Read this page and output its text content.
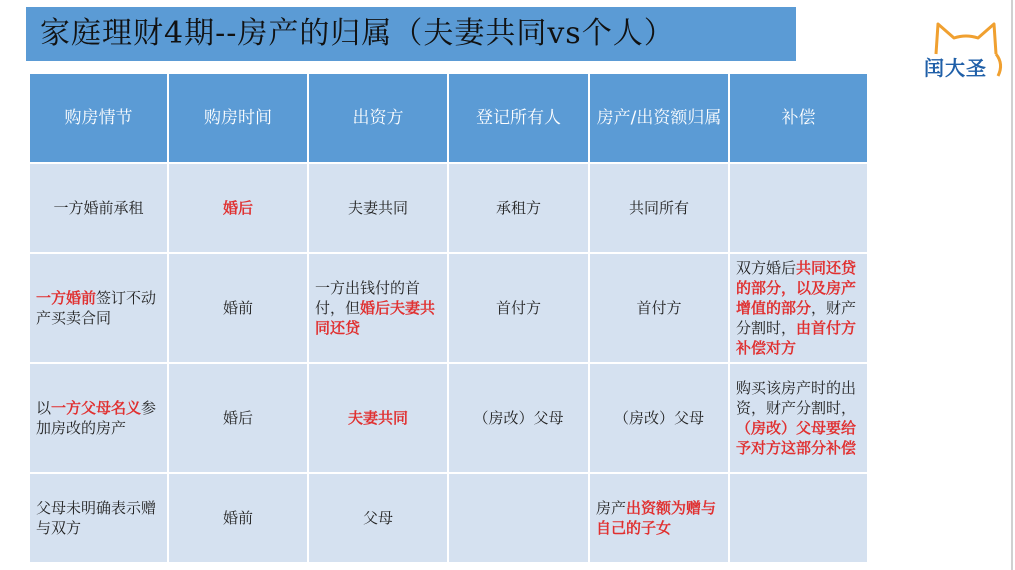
家庭理财4期--房产的归属（夫妻共同vs个人）
闰大圣
购房情节	购房时间	出资方	登记所有人	房产/出资额归属	补偿
一方婚前承租	婚后	夫妻共同	承租方	共同所有	
一方婚前签订不动产买卖合同	婚前	一方出钱付的首付，但婚后夫妻共同还贷	首付方	首付方	双方婚后共同还贷的部分，以及房产增值的部分，财产分割时，由首付方补偿对方
以一方父母名义参加房改的房产	婚后	夫妻共同	（房改）父母	（房改）父母	购买该房产时的出资，财产分割时，（房改）父母要给予对方这部分补偿
父母未明确表示赠与双方	婚前	父母		房产出资额为赠与自己的子女	
